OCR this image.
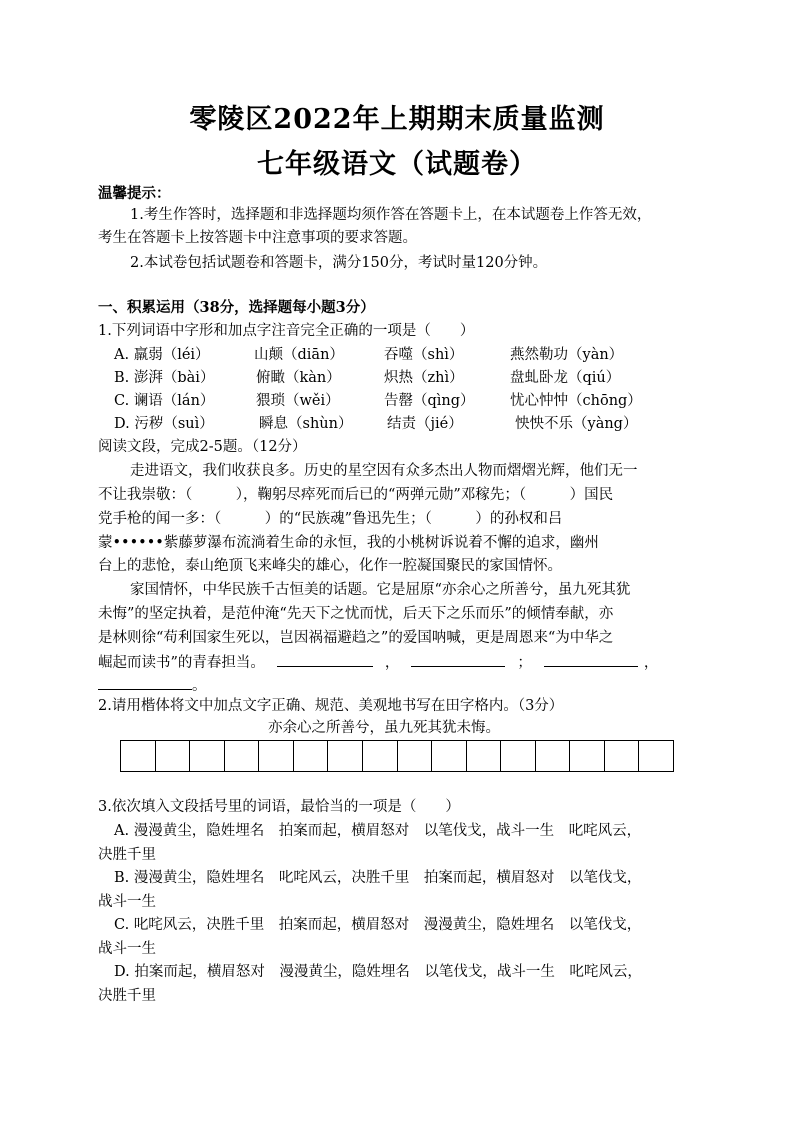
零陵区2022年上期期末质量监测
七年级语文（试题卷）
温馨提示：
1.考生作答时，选择题和非选择题均须作答在答题卡上，在本试题卷上作答无效，
考生在答题卡上按答题卡中注意事项的要求答题。
2.本试卷包括试题卷和答题卡，满分150分，考试时量120分钟。
一、积累运用（38分，选择题每小题3分）
1.下列词语中字形和加点字注音完全正确的一项是（　　）
A. 羸弱（léi）	山颠（diān）	吞噬（shì）	燕然勒功（yàn）
B. 澎湃（bài）	俯瞰（kàn）	炽热（zhì）	盘虬卧龙（qiú）
C. 谰语（lán）	猥琐（wěi）	告罄（qìng） 忧心忡忡（chōng）
D. 污秽（suì）	瞬息（shùn） 结责（jié）	怏怏不乐（yàng）
阅读文段，完成2-5题。（12分）
走进语文，我们收获良多。历史的星空因有众多杰出人物而熠熠光辉，他们无一
不让我崇敬：（　　　），鞠躬尽瘁死而后已的“两弹元勋”邓稼先；（　　　）国民
党手枪的闻一多：（　　　）的“民族魂”鲁迅先生；（　　　）的孙权和吕
蒙••••••紫藤萝瀑布流淌着生命的永恒，我的小桃树诉说着不懈的追求，幽州
台上的悲怆，泰山绝顶飞来峰尖的雄心，化作一腔凝国聚民的家国情怀。
家国情怀，中华民族千古恒美的话题。它是屈原“亦余心之所善兮，虽九死其犹
未悔”的坚定执着，是范仲淹“先天下之忧而忧，后天下之乐而乐”的倾情奉献，亦
是林则徐“苟利国家生死以，岂因祸福避趋之”的爱国呐喊，更是周恩来“为中华之
崛起而读书”的青春担当。	，	；	，
。
2.请用楷体将文中加点文字正确、规范、美观地书写在田字格内。（3分）
亦余心之所善兮，虽九死其犹未悔。
3.依次填入文段括号里的词语，最恰当的一项是（　　）
A. 漫漫黄尘，隐姓埋名　拍案而起，横眉怒对　以笔伐戈，战斗一生　叱咤风云，
决胜千里
B. 漫漫黄尘，隐姓埋名　叱咤风云，决胜千里　拍案而起，横眉怒对　以笔伐戈，
战斗一生
C. 叱咤风云，决胜千里　拍案而起，横眉怒对　漫漫黄尘，隐姓埋名　以笔伐戈，
战斗一生
D. 拍案而起，横眉怒对　漫漫黄尘，隐姓埋名　以笔伐戈，战斗一生　叱咤风云，
决胜千里
